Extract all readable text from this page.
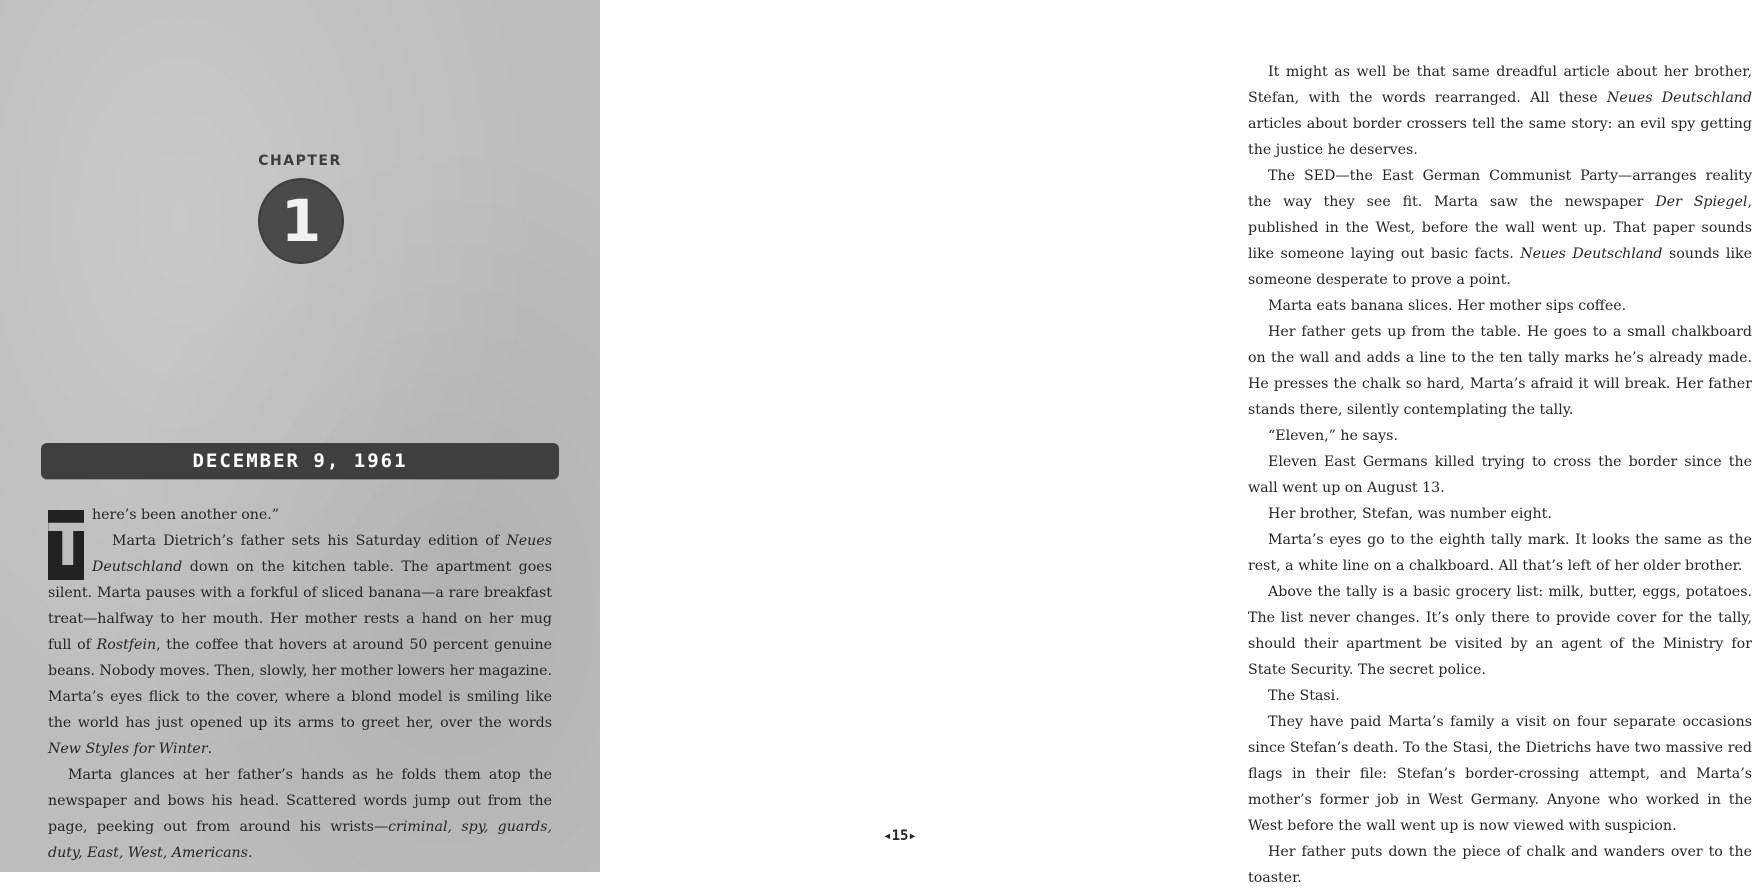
CHAPTER
1
DECEMBER 9, 1961

T here’s been another one.”

Marta Dietrich’s father sets his Saturday edition of Neues Deutschland down on the kitchen table. The apartment goes silent. Marta pauses with a forkful of sliced banana—a rare breakfast treat—halfway to her mouth. Her mother rests a hand on her mug full of Rostfein, the coffee that hovers at around 50 percent genuine beans. Nobody moves. Then, slowly, her mother lowers her magazine. Marta’s eyes flick to the cover, where a blond model is smiling like the world has just opened up its arms to greet her, over the words New Styles for Winter.

Marta glances at her father’s hands as he folds them atop the newspaper and bows his head. Scattered words jump out from the page, peeking out from around his wrists—criminal, spy, guards, duty, East, West, Americans.

It might as well be that same dreadful article about her brother, Stefan, with the words rearranged. All these Neues Deutschland articles about border crossers tell the same story: an evil spy getting the justice he deserves.

The SED—the East German Communist Party—arranges reality the way they see fit. Marta saw the newspaper Der Spiegel, published in the West, before the wall went up. That paper sounds like someone laying out basic facts. Neues Deutschland sounds like someone desperate to prove a point.

Marta eats banana slices. Her mother sips coffee.

Her father gets up from the table. He goes to a small chalkboard on the wall and adds a line to the ten tally marks he’s already made. He presses the chalk so hard, Marta’s afraid it will break. Her father stands there, silently contemplating the tally.

“Eleven,” he says.

Eleven East Germans killed trying to cross the border since the wall went up on August 13.

Her brother, Stefan, was number eight.

Marta’s eyes go to the eighth tally mark. It looks the same as the rest, a white line on a chalkboard. All that’s left of her older brother.

Above the tally is a basic grocery list: milk, butter, eggs, potatoes. The list never changes. It’s only there to provide cover for the tally, should their apartment be visited by an agent of the Ministry for State Security. The secret police.

The Stasi.

They have paid Marta’s family a visit on four separate occasions since Stefan’s death. To the Stasi, the Dietrichs have two massive red flags in their file: Stefan’s border-crossing attempt, and Marta’s mother’s former job in West Germany. Anyone who worked in the West before the wall went up is now viewed with suspicion.

Her father puts down the piece of chalk and wanders over to the toaster.

◂15▸
